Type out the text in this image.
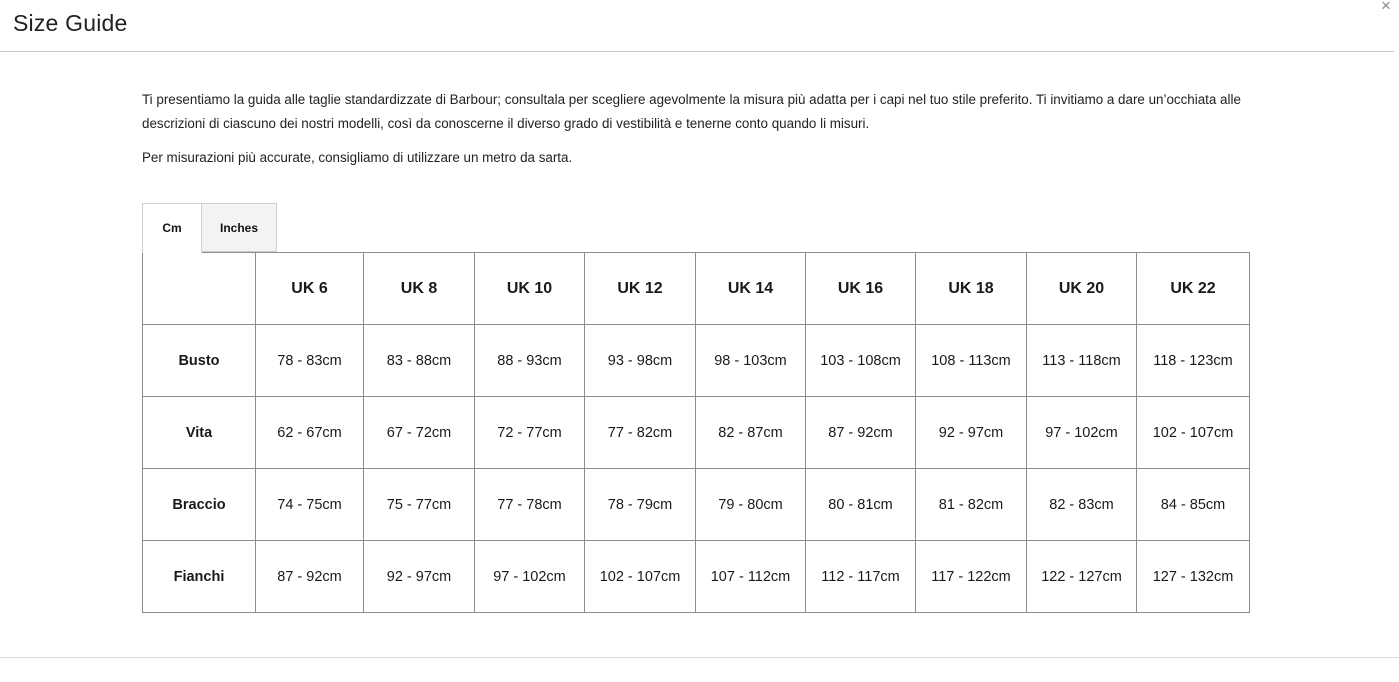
Size Guide
×

Ti presentiamo la guida alle taglie standardizzate di Barbour; consultala per scegliere agevolmente la misura più adatta per i capi nel tuo stile preferito. Ti invitiamo a dare un’occhiata alle descrizioni di ciascuno dei nostri modelli, così da conoscerne il diverso grado di vestibilità e tenerne conto quando li misuri.

Per misurazioni più accurate, consigliamo di utilizzare un metro da sarta.

Cm	Inches
	UK 6	UK 8	UK 10	UK 12	UK 14	UK 16	UK 18	UK 20	UK 22
Busto	78 - 83cm	83 - 88cm	88 - 93cm	93 - 98cm	98 - 103cm	103 - 108cm	108 - 113cm	113 - 118cm	118 - 123cm
Vita	62 - 67cm	67 - 72cm	72 - 77cm	77 - 82cm	82 - 87cm	87 - 92cm	92 - 97cm	97 - 102cm	102 - 107cm
Braccio	74 - 75cm	75 - 77cm	77 - 78cm	78 - 79cm	79 - 80cm	80 - 81cm	81 - 82cm	82 - 83cm	84 - 85cm
Fianchi	87 - 92cm	92 - 97cm	97 - 102cm	102 - 107cm	107 - 112cm	112 - 117cm	117 - 122cm	122 - 127cm	127 - 132cm
